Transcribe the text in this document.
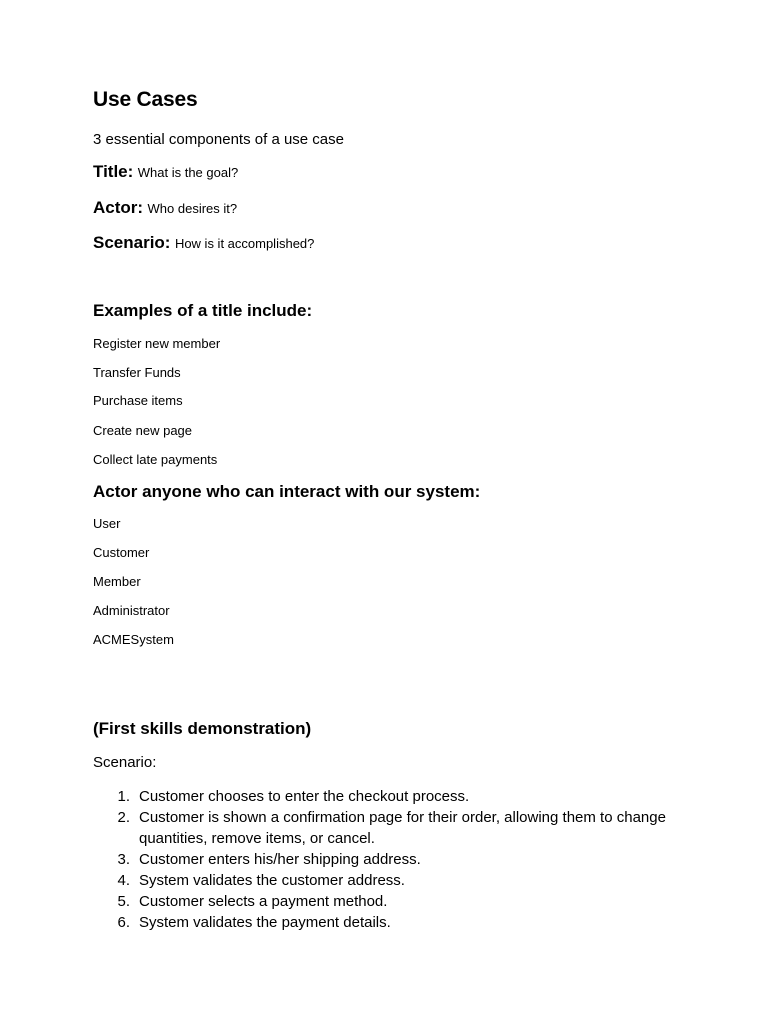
Use Cases
3 essential components of a use case
Title: What is the goal?
Actor: Who desires it?
Scenario: How is it accomplished?
Examples of a title include:
Register new member
Transfer Funds
Purchase items
Create new page
Collect late payments
Actor anyone who can interact with our system:
User
Customer
Member
Administrator
ACMESystem
(First skills demonstration)
Scenario:
1. Customer chooses to enter the checkout process.
2. Customer is shown a confirmation page for their order, allowing them to change quantities, remove items, or cancel.
3. Customer enters his/her shipping address.
4. System validates the customer address.
5. Customer selects a payment method.
6. System validates the payment details.
